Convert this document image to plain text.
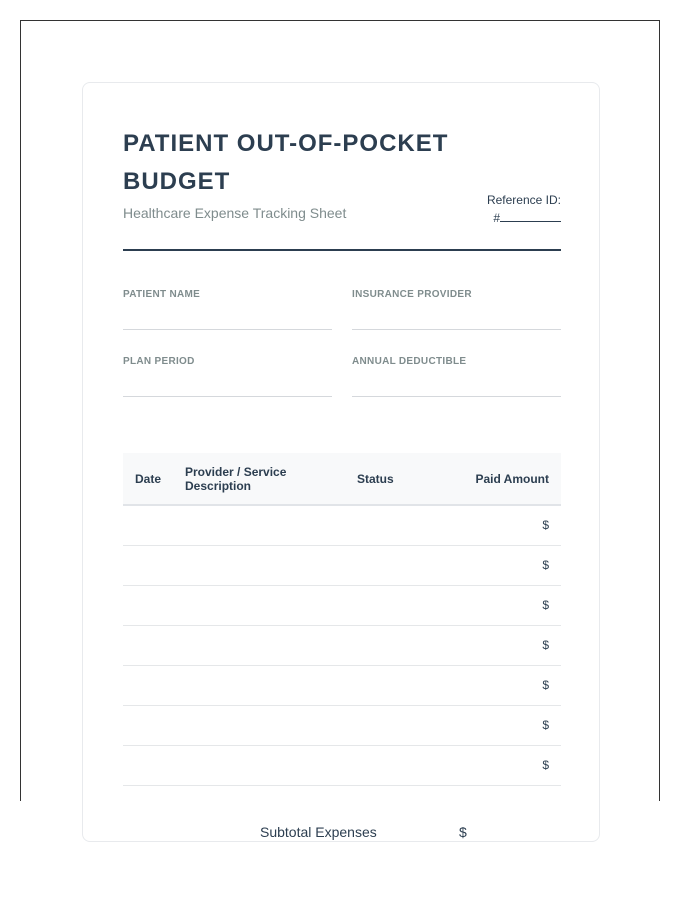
PATIENT OUT-OF-POCKET BUDGET
Healthcare Expense Tracking Sheet
Reference ID:
#
PATIENT NAME	INSURANCE PROVIDER
PLAN PERIOD	ANNUAL DEDUCTIBLE
Date	Provider / Service Description	Status	Paid Amount
			$
			$
			$
			$
			$
			$
			$
Subtotal Expenses	$
